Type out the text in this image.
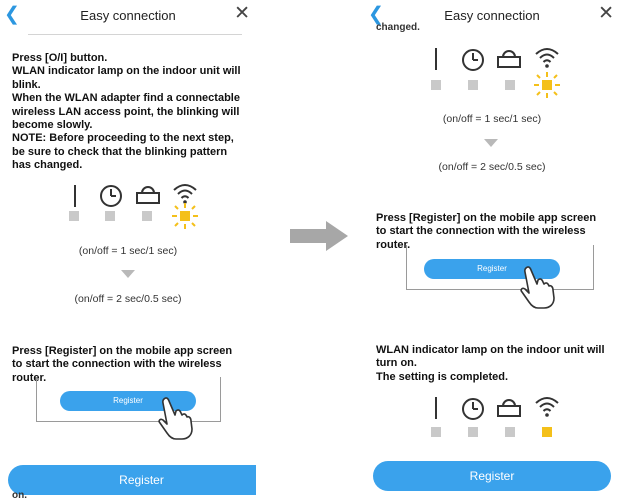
❮	Easy connection	✕

Press [O/I] button.
WLAN indicator lamp on the indoor unit will blink.
When the WLAN adapter find a connectable wireless LAN access point, the blinking will become slowly.
NOTE: Before proceeding to the next step, be sure to check that the blinking pattern has changed.

(on/off = 1 sec/1 sec)
(on/off = 2 sec/0.5 sec)

Press [Register] on the mobile app screen to start the connection with the wireless router.

Register
Register
on.
❮	Easy connection	✕
changed.
(on/off = 1 sec/1 sec)
(on/off = 2 sec/0.5 sec)

Press [Register] on the mobile app screen to start the connection with the wireless router.

Register

WLAN indicator lamp on the indoor unit will turn on.
The setting is completed.

Register
